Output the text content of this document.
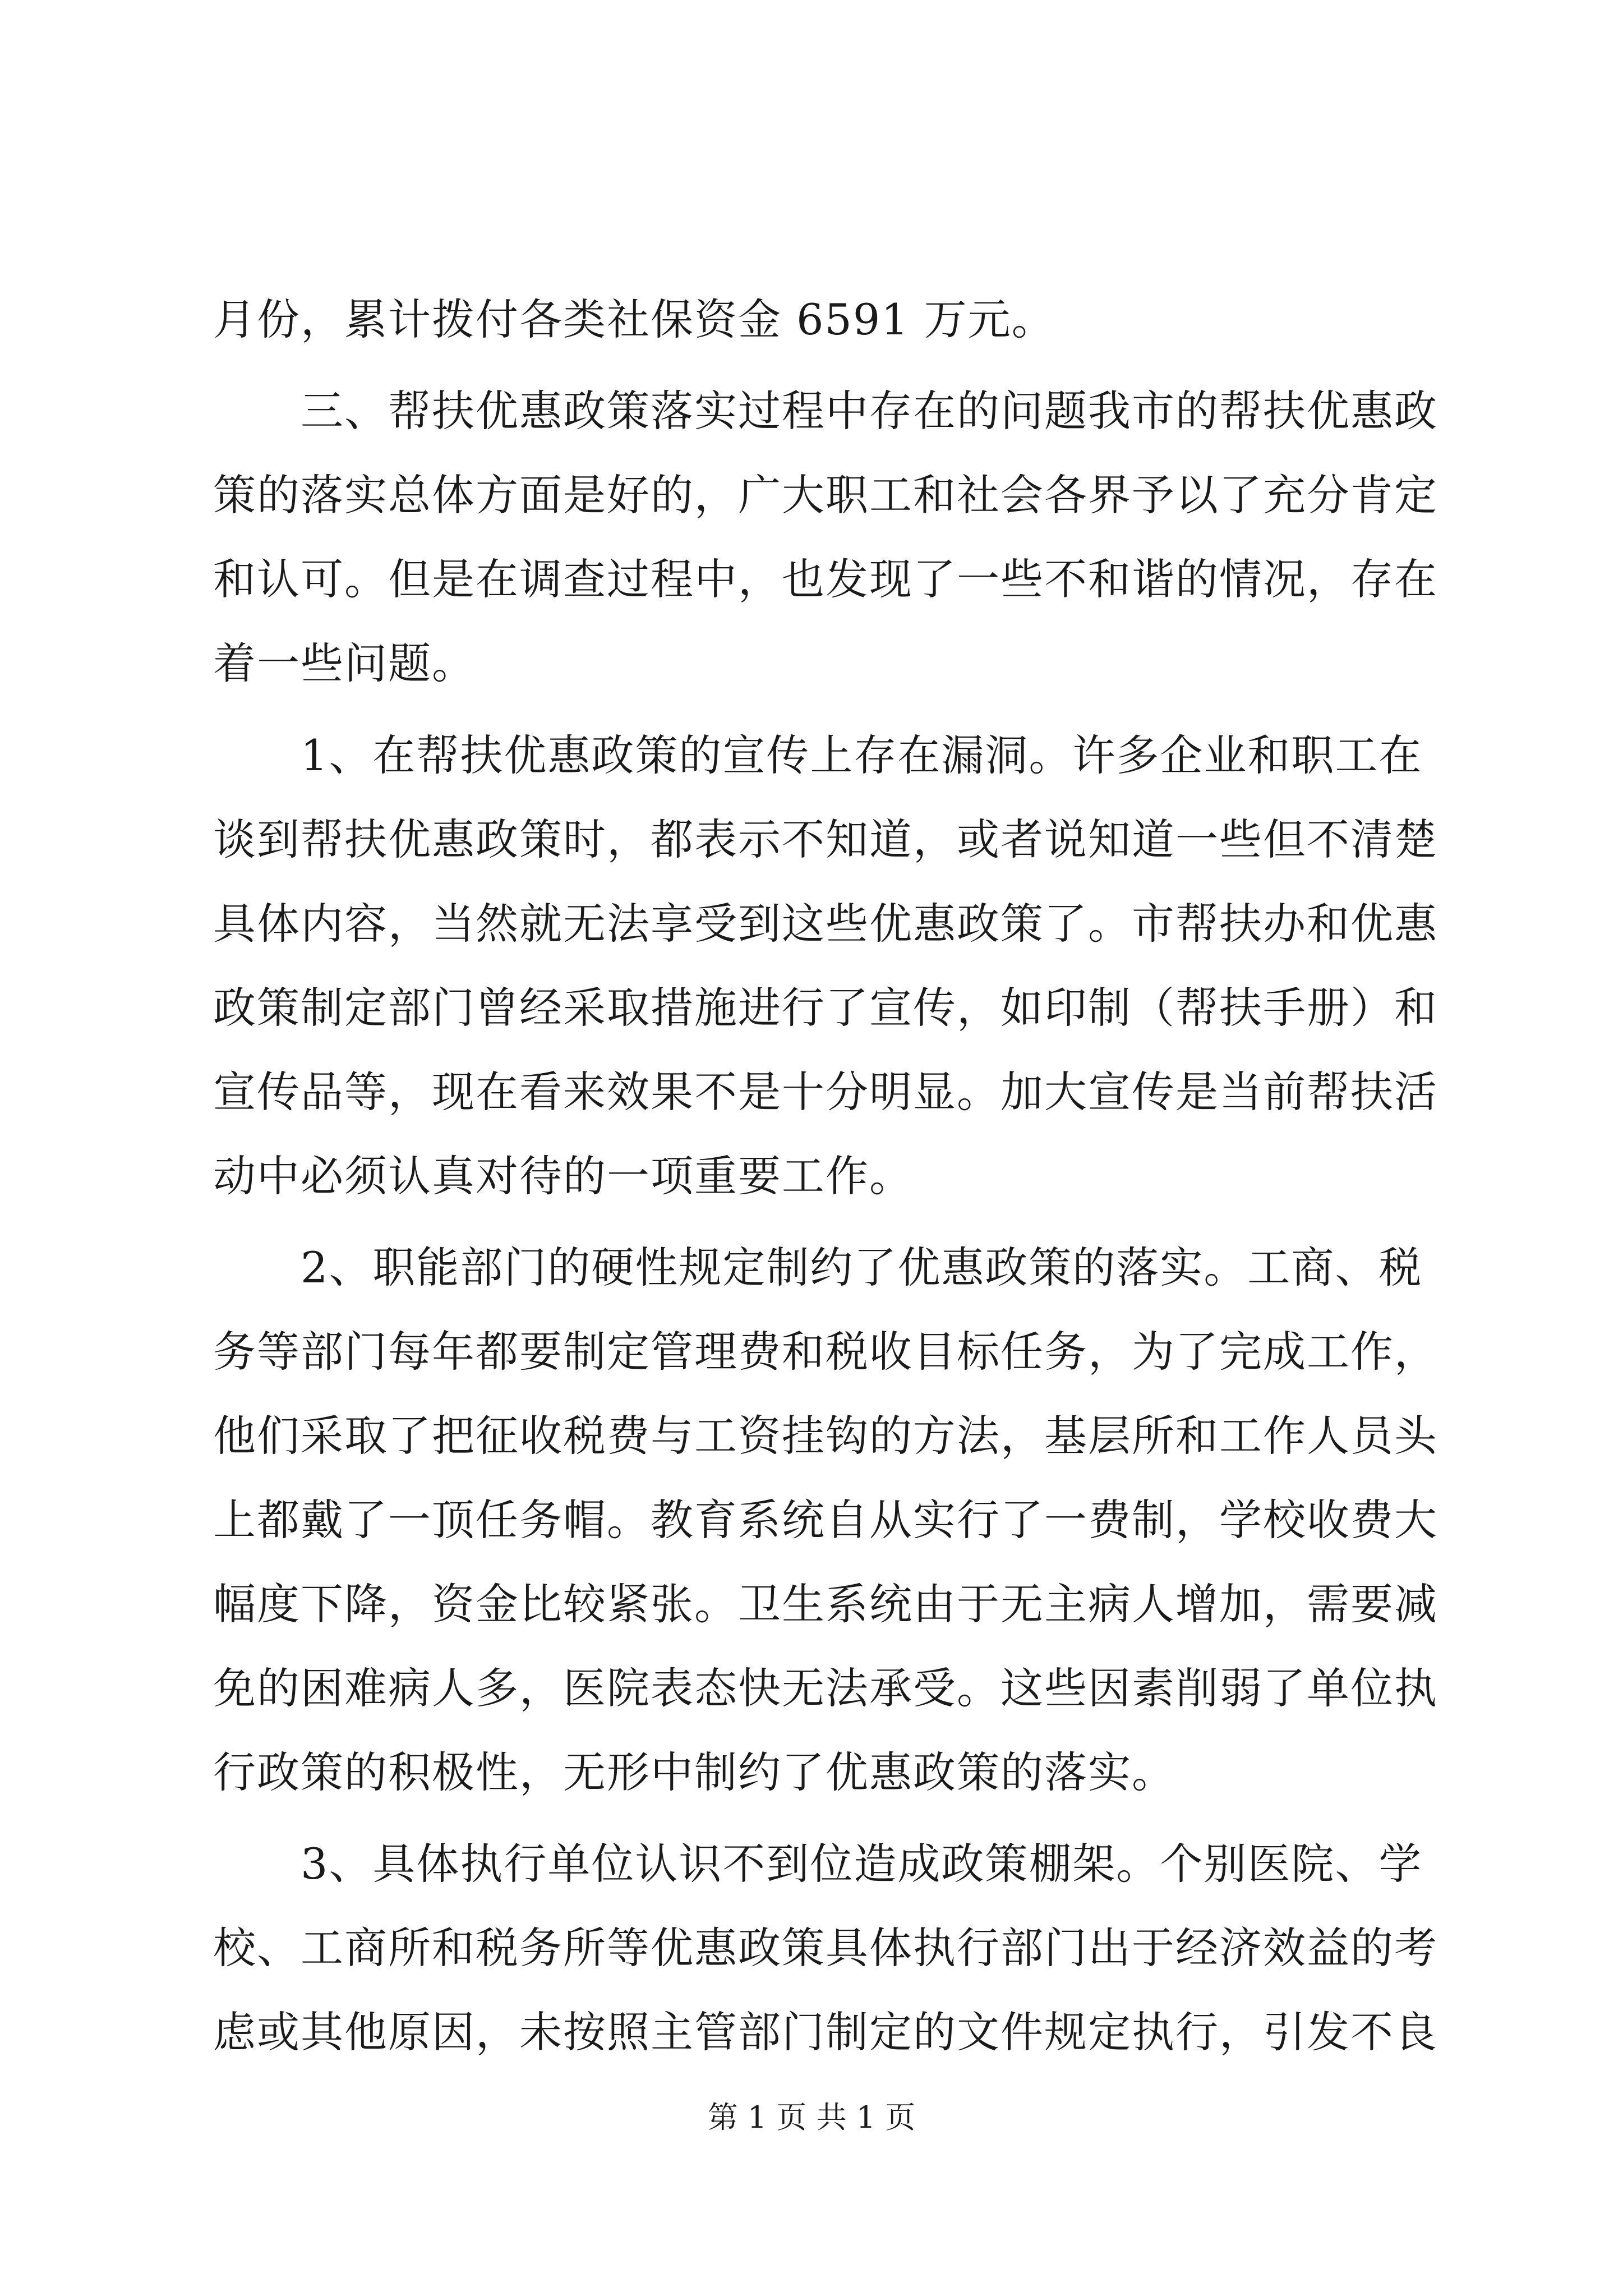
月份，累计拨付各类社保资金 6591 万元。
　　三、帮扶优惠政策落实过程中存在的问题我市的帮扶优惠政
策的落实总体方面是好的，广大职工和社会各界予以了充分肯定
和认可。但是在调查过程中，也发现了一些不和谐的情况，存在
着一些问题。
　　1、在帮扶优惠政策的宣传上存在漏洞。许多企业和职工在
谈到帮扶优惠政策时，都表示不知道，或者说知道一些但不清楚
具体内容，当然就无法享受到这些优惠政策了。市帮扶办和优惠
政策制定部门曾经采取措施进行了宣传，如印制（帮扶手册）和
宣传品等，现在看来效果不是十分明显。加大宣传是当前帮扶活
动中必须认真对待的一项重要工作。
　　2、职能部门的硬性规定制约了优惠政策的落实。工商、税
务等部门每年都要制定管理费和税收目标任务，为了完成工作，
他们采取了把征收税费与工资挂钩的方法，基层所和工作人员头
上都戴了一顶任务帽。教育系统自从实行了一费制，学校收费大
幅度下降，资金比较紧张。卫生系统由于无主病人增加，需要减
免的困难病人多，医院表态快无法承受。这些因素削弱了单位执
行政策的积极性，无形中制约了优惠政策的落实。
　　3、具体执行单位认识不到位造成政策棚架。个别医院、学
校、工商所和税务所等优惠政策具体执行部门出于经济效益的考
虑或其他原因，未按照主管部门制定的文件规定执行，引发不良
第 1 页 共 1 页
